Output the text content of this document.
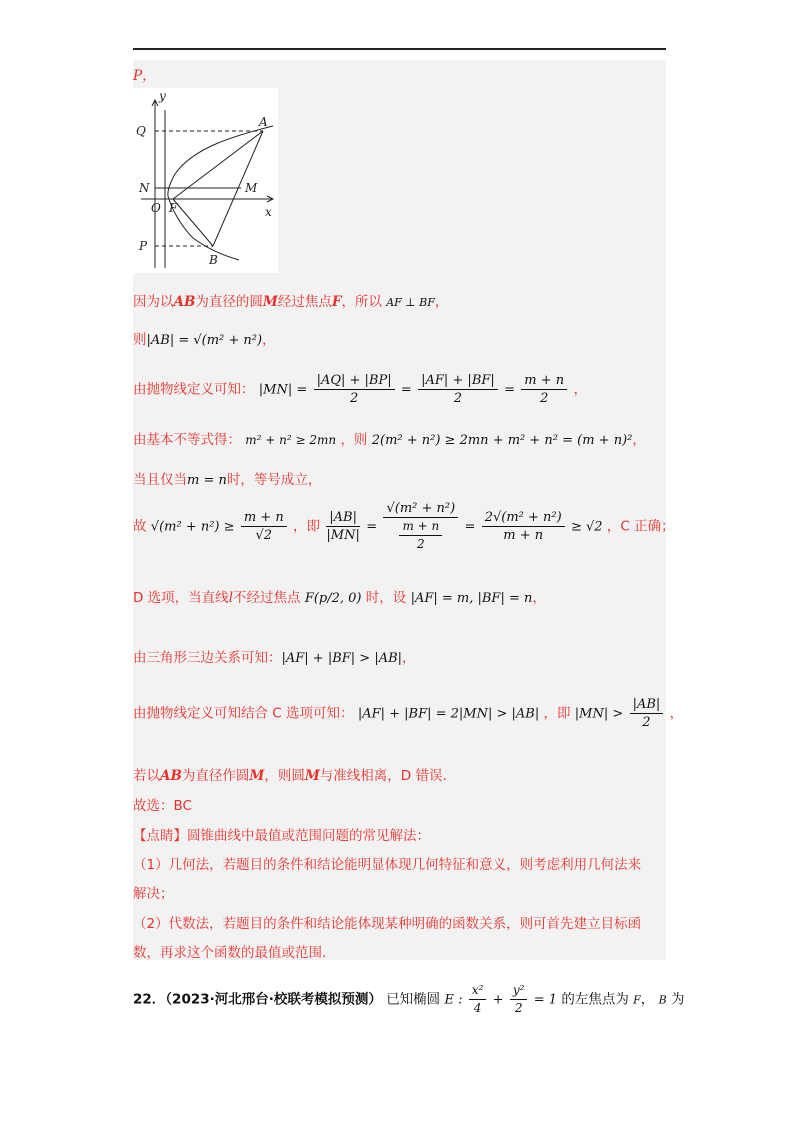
P，
y
x
Q
A
N	M
O F
P
B
因为以AB为直径的圆M经过焦点F，所以 AF ⊥ BF，
则|AB| = √(m² + n²)，
由抛物线定义可知： $|MN| = \frac{|AQ| + |BP|}{2} = \frac{|AF| + |BF|}{2} = \frac{m + n}{2}$ ，
由基本不等式得： m² + n² ≥ 2mn ，则 2(m² + n²) ≥ 2mn + m² + n² = (m + n)²，
当且仅当m = n时，等号成立，
故 $√(m^2 + n^2) \ge \frac{m + n}{√2}$ ，即 $\frac{|AB|}{|MN|} = \frac{\text{√(m² + n²)}}{\frac{m + n}{2}} = \frac{\text{2√(m² + n²)}}{m + n} \ge √2$ ，C 正确；
D 选项，当直线l不经过焦点 F(p/2, 0) 时，设 |AF| = m, |BF| = n，
由三角形三边关系可知：|AF| + |BF| > |AB|，
由抛物线定义可知结合 C 选项可知： |AF| + |BF| = 2|MN| > |AB| ，即 $|MN| > \frac{|AB|}{2}$ ，
若以AB为直径作圆M，则圆M与准线相离，D 错误.
故选：BC
【点睛】圆锥曲线中最值或范围问题的常见解法：
（1）几何法，若题目的条件和结论能明显体现几何特征和意义，则考虑利用几何法来
解决；
（2）代数法，若题目的条件和结论能体现某种明确的函数关系，则可首先建立目标函
数，再求这个函数的最值或范围.
22．（2023·河北邢台·校联考模拟预测） 已知椭圆 E : $\frac{\text{x²}}{4} + \frac{\text{y²}}{2} = 1$ 的左焦点为 F， B 为
